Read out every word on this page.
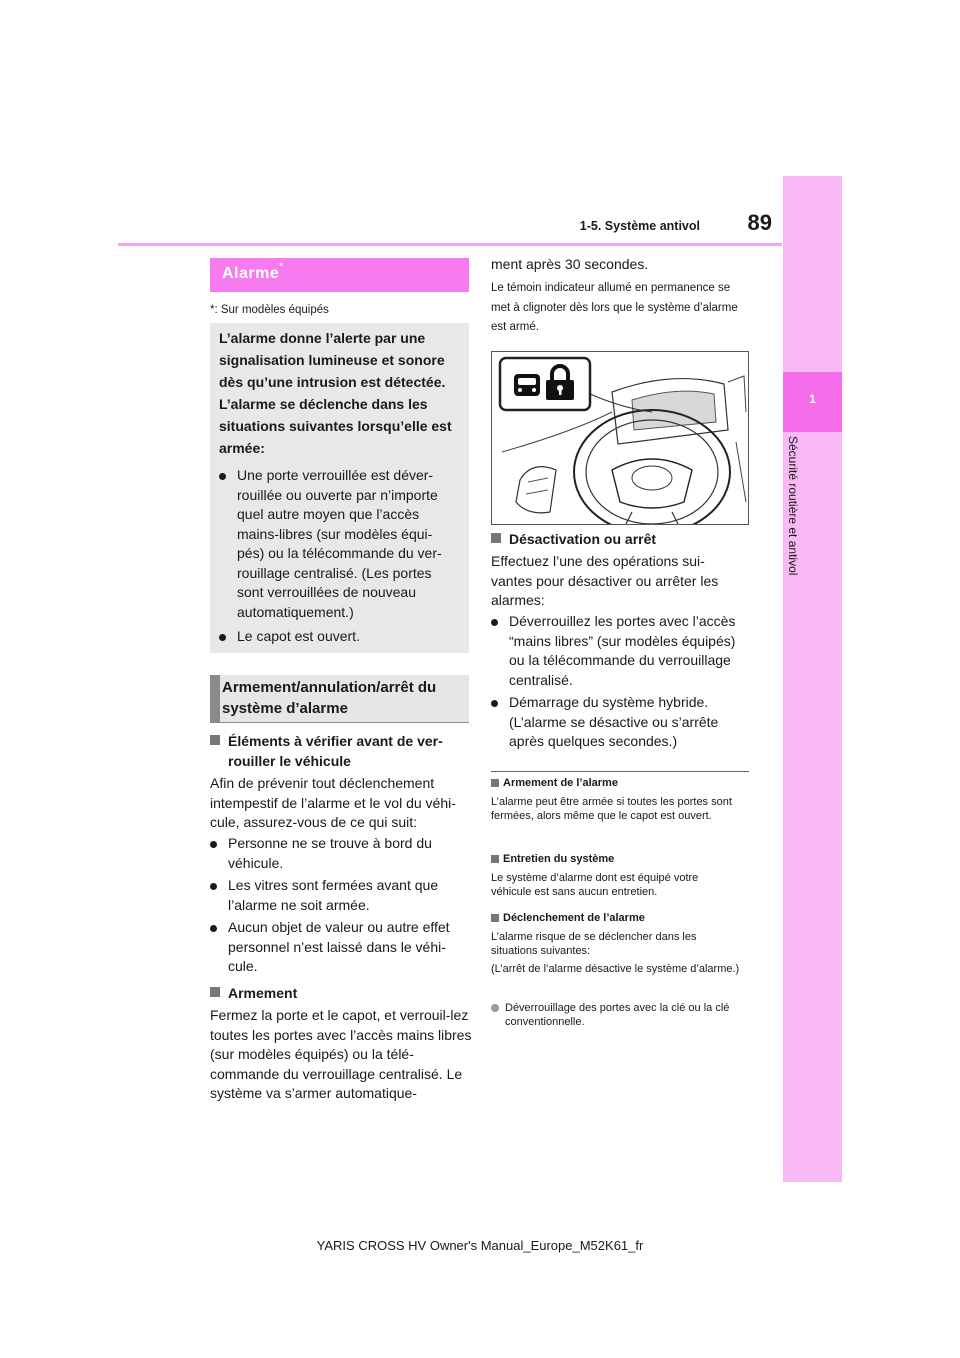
89
1-5. Système antivol
1
Sécurité routière et antivol
Alarme*
*: Sur modèles équipés
L’alarme donne l’alerte par une signalisation lumineuse et sonore dès qu’une intrusion est détectée. L’alarme se déclenche dans les situations suivantes lorsqu’elle est armée:
Une porte verrouillée est déver-rouillée ou ouverte par n’importe quel autre moyen que l’accès mains-libres (sur modèles équi-pés) ou la télécommande du ver-rouillage centralisé. (Les portes sont verrouillées de nouveau automatiquement.)
Le capot est ouvert.
Armement/annulation/arrêt du système d’alarme
Éléments à vérifier avant de ver-rouiller le véhicule
Afin de prévenir tout déclenchement intempestif de l’alarme et le vol du véhi-cule, assurez-vous de ce qui suit:
Personne ne se trouve à bord du véhicule.
Les vitres sont fermées avant que l’alarme ne soit armée.
Aucun objet de valeur ou autre effet personnel n’est laissé dans le véhi-cule.
Armement
Fermez la porte et le capot, et verrouil-lez toutes les portes avec l’accès mains libres (sur modèles équipés) ou la télé-commande du verrouillage centralisé. Le système va s’armer automatique-
ment après 30 secondes.
Le témoin indicateur allumé en permanence se met à clignoter dès lors que le système d’alarme est armé.
Désactivation ou arrêt
Effectuez l’une des opérations sui-vantes pour désactiver ou arrêter les alarmes:
Déverrouillez les portes avec l’accès “mains libres” (sur modèles équipés) ou la télécommande du verrouillage centralisé.
Démarrage du système hybride. (L’alarme se désactive ou s’arrête après quelques secondes.)
Armement de l’alarme
L’alarme peut être armée si toutes les portes sont fermées, alors même que le capot est ouvert.
Entretien du système
Le système d’alarme dont est équipé votre véhicule est sans aucun entretien.
Déclenchement de l’alarme
L’alarme risque de se déclencher dans les situations suivantes:
(L’arrêt de l’alarme désactive le système d’alarme.)
Déverrouillage des portes avec la clé ou la clé conventionnelle.
YARIS CROSS HV Owner's Manual_Europe_M52K61_fr
